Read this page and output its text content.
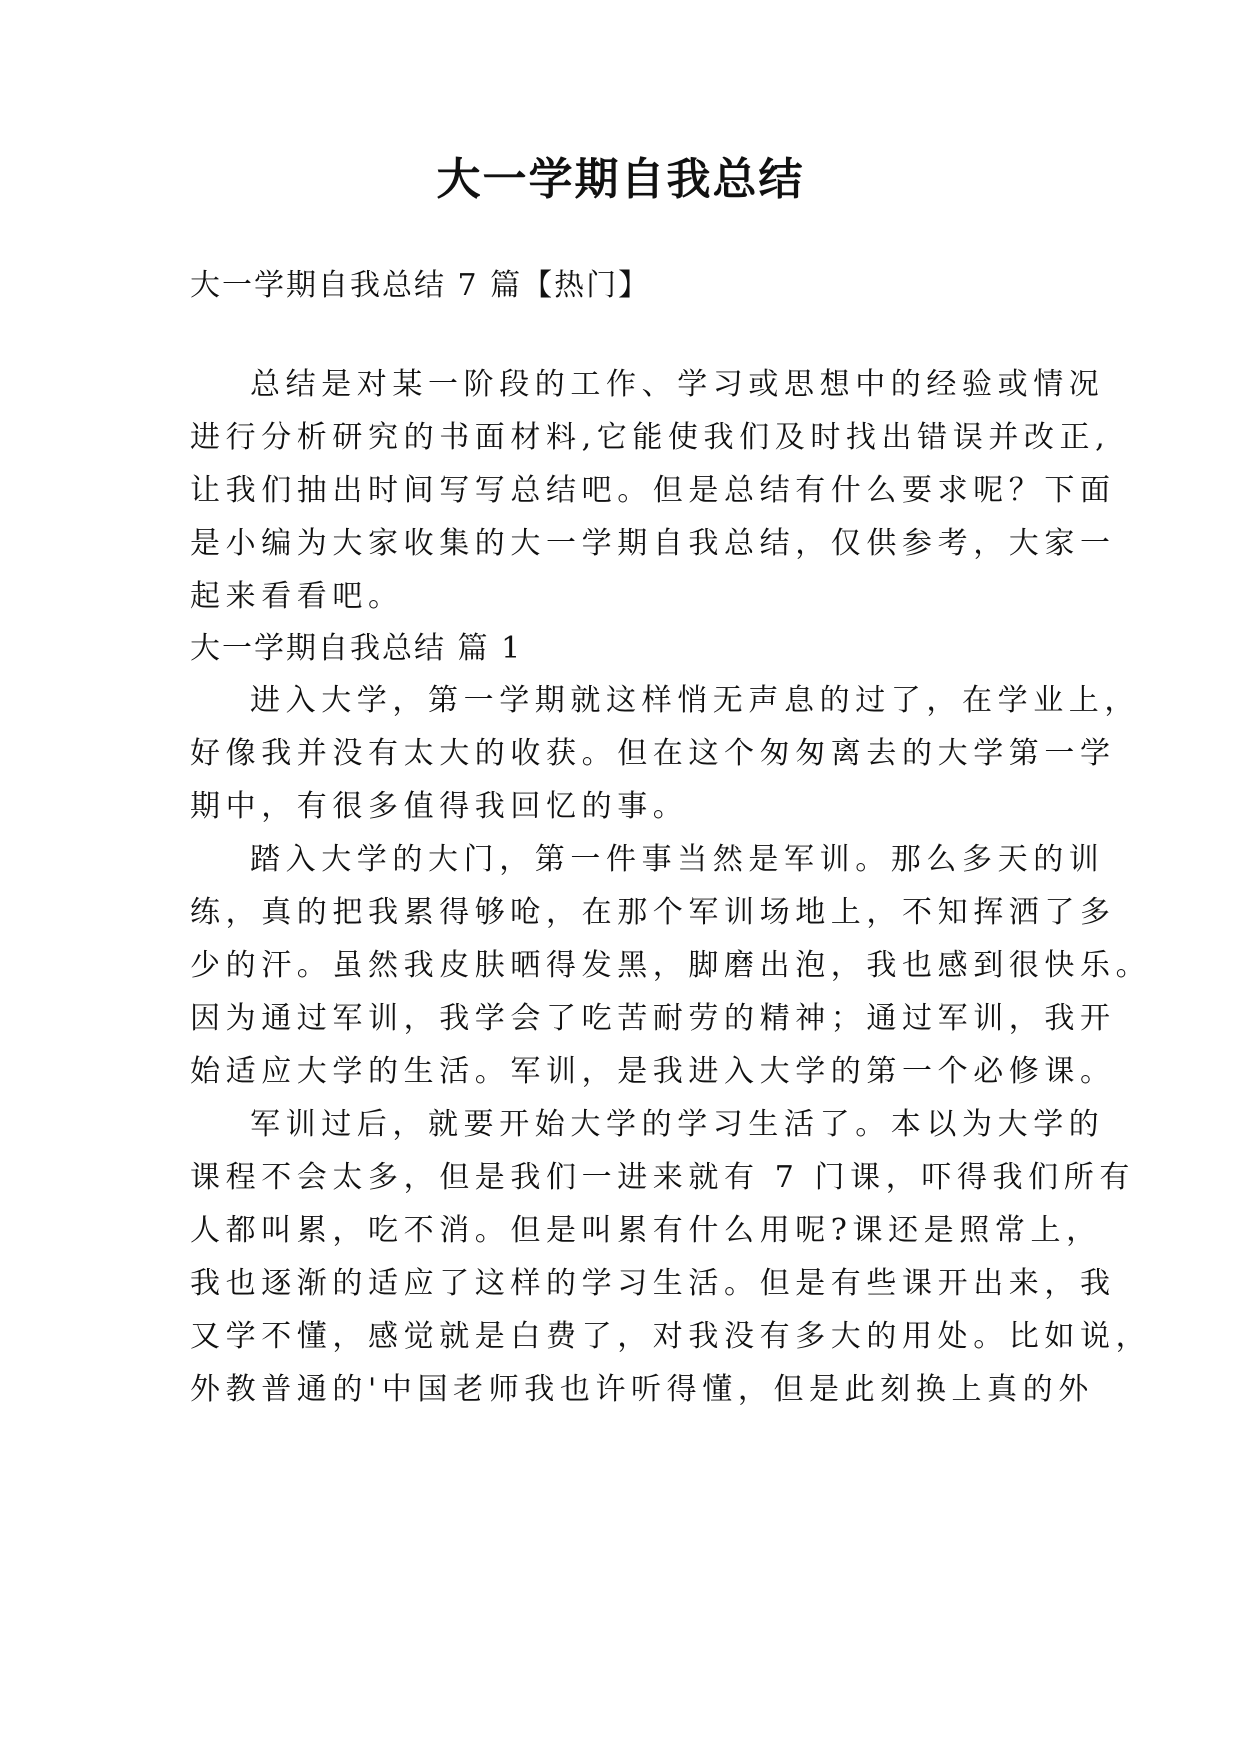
大一学期自我总结

大一学期自我总结 7 篇【热门】

总结是对某一阶段的工作、学习或思想中的经验或情况

进行分析研究的书面材料,它能使我们及时找出错误并改正,

让我们抽出时间写写总结吧。但是总结有什么要求呢？下面

是小编为大家收集的大一学期自我总结，仅供参考，大家一

起来看看吧。

大一学期自我总结 篇 1

进入大学，第一学期就这样悄无声息的过了，在学业上，

好像我并没有太大的收获。但在这个匆匆离去的大学第一学

期中，有很多值得我回忆的事。

踏入大学的大门，第一件事当然是军训。那么多天的训

练，真的把我累得够呛，在那个军训场地上，不知挥洒了多

少的汗。虽然我皮肤晒得发黑，脚磨出泡，我也感到很快乐。

因为通过军训，我学会了吃苦耐劳的精神；通过军训，我开

始适应大学的生活。军训，是我进入大学的第一个必修课。

军训过后，就要开始大学的学习生活了。本以为大学的

课程不会太多，但是我们一进来就有 7 门课，吓得我们所有

人都叫累，吃不消。但是叫累有什么用呢?课还是照常上，

我也逐渐的适应了这样的学习生活。但是有些课开出来，我

又学不懂，感觉就是白费了，对我没有多大的用处。比如说，

外教普通的'中国老师我也许听得懂，但是此刻换上真的外
